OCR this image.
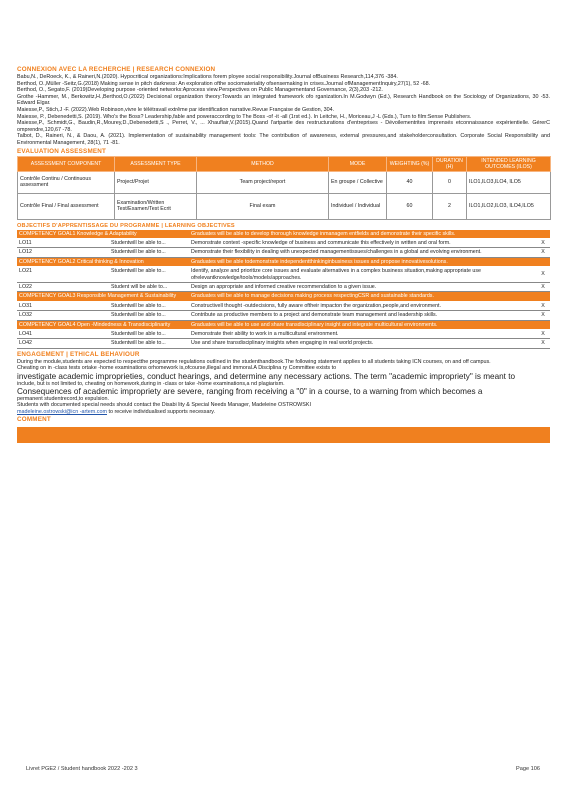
CONNEXION AVEC LA RECHERCHE | RESEARCH CONNEXION

Babu,N., DeRoeck, K., & Raineri,N.(2020). Hypocritical organizations:Implications forem ployee social responsibility.Journal ofBusiness Research,114,376 -384.

Berthod, O.,Müller -Seitz,G.(2018) Making sense in pitch darkness: An exploration ofthe sociomateriality ofsensemaking in crises.Journal ofManagementInquiry,27(1), 52 -68.

Berthod, O., Segato,F. (2019)Developing purpose -oriented networks:Aprocess view.Perspectives on Public Managementand Governance, 2(3),203 -212.

Grothe -Hammer, M., Berkowitz,H.,Berthod,O.(2022) Decisional organization theory:Towards an integrated framework ofo rganization.In M.Godwyn (Ed.), Research Handbook on the Sociology of Organizations, 30 -53. Edward Elgar.

Maiesse,P., Stich,J -F. (2022).Web Robinson,vivre le télétravail extrême par identification narrative.Revue Française de Gestion, 304.

Maiesse, P., Debenedetti,S. (2019). Who's the Boss? Leadership,fable and poweraccording to The Boss -of -it -all (1rst ed.). In Leitche, H., Moriceau,J -L (Eds.), Turn to film:Sense Publishers.

Maiesse,P., Schmidt,G., Baudin,R.,Mourey,D.,Debenedetti,S ., Perret, V., ... Xhauflair,V.(2015).Quand l'artpartie des restructurations d'entreprises - Dévoilementrites imprensés etconnaissance expérientielle. GérerC omprendre,120,67 -78.

Talbot, D., Raineri, N., & Daou, A. (2021). Implementation of sustainability management tools: The contribution of awareness, external pressures,and stakeholderconsultation. Corporate Social Responsibility and Environmental Management, 28(1), 71 -81.

EVALUATION ASSESSMENT
ASSESSMENT COMPONENT	ASSESSMENT TYPE	METHOD	MODE	WEIGHTING (%)	DURATION (H)	INTENDED LEARNING OUTCOMES (ILOS)
Contrôle Continu / Continuous assessment	Project/Projet	Team project/report	En groupe / Collective	40	0	ILO1,ILO3,ILO4, ILO5
Contrôle Final / Final assessment	Examination/Written Test/Examen/Test Ecrit	Final exam	Individuel / Individual	60	2	ILO1,ILO2,ILO3, ILO4,ILO5
OBJECTIFS D'APPRENTISSAGE DU PROGRAMME | LEARNING OBJECTIVES
COMPETENCY GOAL1 Knowledge & Adaptability		Graduates will be able to develop thorough knowledge inmanagem entfields and demonstrate their specific skills.	
LO11	Studentwill be able to...	Demonstrate context -specific knowledge of business and communicate this effectively in written and oral form.	X
LO12	Studentwill be able to...	Demonstrate their flexibility in dealing with unexpected managementissues/challenges in a global and evolving environment.	X
COMPETENCY GOAL2 Critical thinking & Innovation		Graduates will be able todemonstrate independentthinkinginbusiness issues and propose innovativesolutions.	
LO21	Studentwill be able to...	Identify, analyze and prioritize core issues and evaluate alternatives in a complex business situation,making appropriate use ofrelevantknowledge/tools/models/approaches.	X
LO22	Student will be able to...	Design an appropriate and informed creative recommendation to a given issue.	X
COMPETENCY GOAL3 Responsible Management & Sustainability		Graduates will be able to manage decisions making process respectingCSR and sustainable standards.	
LO31	Studentwill be able to...	Constructivell thought -outdecisions, fully aware oftheir impacton the organization,people,and environment.	X
LO32	Studentwill be able to...	Contribute as productive members to a project and demonstrate team management and leadership skills.	X
COMPETENCY GOAL4 Open -Mindedness & Transdisciplinarity		Graduates will be able to use and share transdisciplinary insight and integrate multicultural environments.	
LO41	Studentwill be able to...	Demonstrate their ability to work in a multicultural environment.	X
LO42	Studentwill be able to...	Use and share transdisciplinary insights when engaging in real world projects.	X
ENGAGEMENT | ETHICAL BEHAVIOUR

During the module,students are expected to respectthe programme regulations outlined in the studenthandbook.The following statement applies to all students taking ICN courses, on and off campus.

Cheating on in -class tests ortake -home examinations orhomework is,ofcourse,illegal and immoral.A Disciplina ry Committee exists to

investigate academic improprieties, conduct hearings, and determine any necessary actions. The term "academic impropriety" is meant to

include, but is not limited to, cheating on homework,during in -class or take -home examinations,a nd plagiarism.

Consequences of academic impropriety are severe, ranging from receiving a "0" in a course, to a warning from which becomes a

permanent studentrecord,to expulsion.

Students with documented special needs should contact the Disabi lity & Special Needs Manager, Madeleine OSTROWSKI

madeleine.ostrowski@icn -artem.com to receive individualised supports necessary.

COMMENT
Livret PGE2 / Student handbook 2022 -202 3	Page 106
